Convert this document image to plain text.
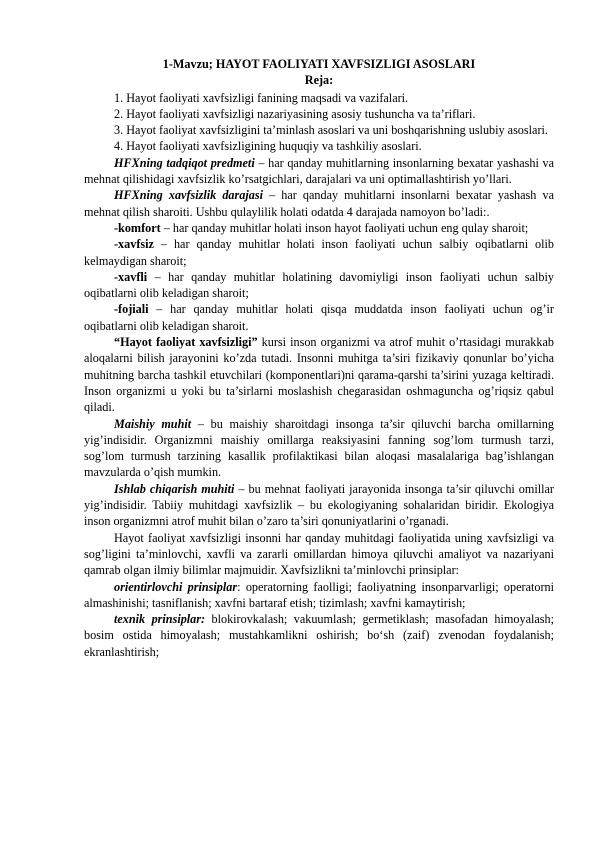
1-Mavzu; HAYOT FAOLIYATI XAVFSIZLIGI ASOSLARI
Reja:
1. Hayot faoliyati xavfsizligi fanining maqsadi va vazifalari.
2. Hayot faoliyati xavfsizligi nazariyasining asosiy tushuncha va ta’riflari.
3. Hayot faoliyat xavfsizligini ta’minlash asoslari va uni boshqarishning uslubiy asoslari.
4. Hayot faoliyati xavfsizligining huquqiy va tashkiliy asoslari.

HFXning tadqiqot predmeti – har qanday muhitlarning insonlarning bexatar yashashi va mehnat qilishidagi xavfsizlik ko’rsatgichlari, darajalari va uni optimallashtirish yo’llari.

HFXning xavfsizlik darajasi – har qanday muhitlarni insonlarni bexatar yashash va mehnat qilish sharoiti. Ushbu qulaylilik holati odatda 4 darajada namoyon bo’ladi:.

-komfort – har qanday muhitlar holati inson hayot faoliyati uchun eng qulay sharoit;

-xavfsiz – har qanday muhitlar holati inson faoliyati uchun salbiy oqibatlarni olib kelmaydigan sharoit;

-xavfli – har qanday muhitlar holatining davomiyligi inson faoliyati uchun salbiy oqibatlarni olib keladigan sharoit;

-fojiali – har qanday muhitlar holati qisqa muddatda inson faoliyati uchun og’ir oqibatlarni olib keladigan sharoit.

“Hayot faoliyat xavfsizligi” kursi inson organizmi va atrof muhit o’rtasidagi murakkab aloqalarni bilish jarayonini ko’zda tutadi. Insonni muhitga ta’siri fizikaviy qonunlar bo’yicha muhitning barcha tashkil etuvchilari (komponentlari)ni qarama-qarshi ta’sirini yuzaga keltiradi. Inson organizmi u yoki bu ta’sirlarni moslashish chegarasidan oshmagunchа og’riqsiz qabul qiladi.

Maishiy muhit – bu maishiy sharoitdagi insonga ta’sir qiluvchi barcha omillarning yig’indisidir. Organizmni maishiy omillarga reaksiyasini fanning sog’lom turmush tarzi, sog’lom turmush tarzining kasallik profilaktikasi bilan aloqasi masalalariga bag’ishlangan mavzularda o’qish mumkin.

Ishlab chiqarish muhiti – bu mehnat faoliyati jarayonida insonga ta’sir qiluvchi omillar yig’indisidir. Tabiiy muhitdagi xavfsizlik – bu ekologiyaning sohalaridan biridir. Ekologiya inson organizmni atrof muhit bilan o’zaro ta’siri qonuniyatlarini o’rganadi.

Hayot faoliyat xavfsizligi insonni har qanday muhitdagi faoliyatida uning xavfsizligi va sog’ligini ta’minlovchi, xavfli va zararli omillardan himoya qiluvchi amaliyot va nazariyani qamrab olgan ilmiy bilimlar majmuidir. Xavfsizlikni ta’minlovchi prinsiplar:

orientirlovchi prinsiplar: operatorning faolligi; faoliyatning insonparvarligi; operatorni almashinishi; tasniflanish; xavfni bartaraf etish; tizimlash; xavfni kamaytirish;

texnik prinsiplar: blokirovkalash; vakuumlash; germetiklash; masofadan himoyalash; bosim ostida himoyalash; mustahkamlikni oshirish; bo‘sh (zaif) zvenodan foydalanish; ekranlashtirish;
